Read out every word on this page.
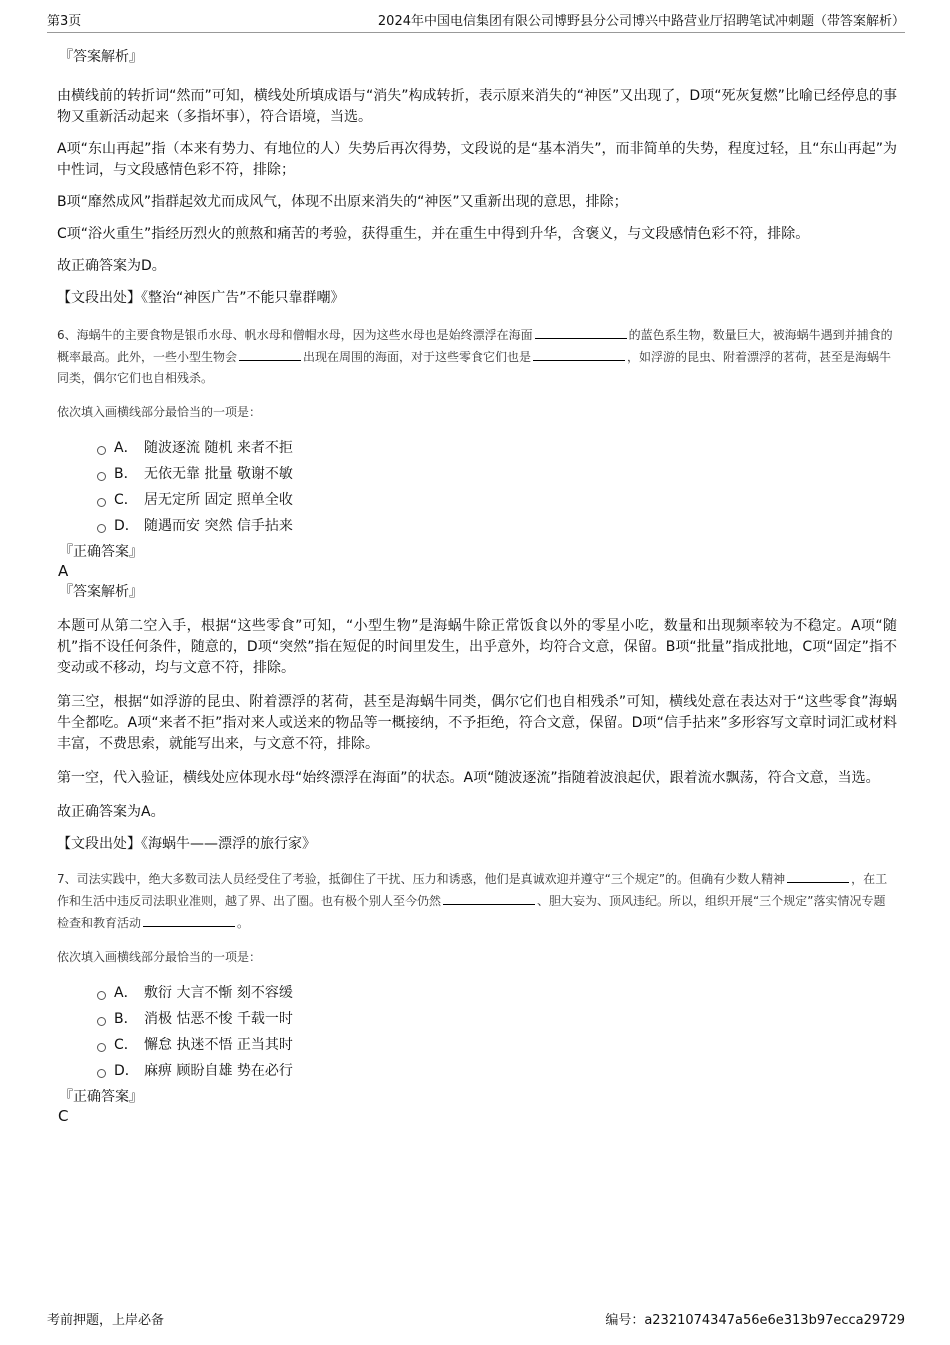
第3页	2024年中国电信集团有限公司博野县分公司博兴中路营业厅招聘笔试冲刺题（带答案解析）
『答案解析』

由横线前的转折词“然而”可知，横线处所填成语与“消失”构成转折，表示原来消失的“神医”又出现了，D项“死灰复燃”比喻已经停息的事物又重新活动起来（多指坏事），符合语境，当选。

A项“东山再起”指（本来有势力、有地位的人）失势后再次得势，文段说的是“基本消失”，而非简单的失势，程度过轻，且“东山再起”为中性词，与文段感情色彩不符，排除；

B项“靡然成风”指群起效尤而成风气，体现不出原来消失的“神医”又重新出现的意思，排除；

C项“浴火重生”指经历烈火的煎熬和痛苦的考验，获得重生，并在重生中得到升华，含褒义，与文段感情色彩不符，排除。

故正确答案为D。

【文段出处】《整治“神医广告”不能只靠群嘲》

6、海蜗牛的主要食物是银币水母、帆水母和僧帽水母，因为这些水母也是始终漂浮在海面	的蓝色系生物，数量巨大，被海蜗牛遇到并捕食的概率最高。此外，一些小型生物会	出现在周围的海面，对于这些零食它们也是	，如浮游的昆虫、附着漂浮的茗荷，甚至是海蜗牛同类，偶尔它们也自相残杀。

依次填入画横线部分最恰当的一项是：

A． 随波逐流 随机 来者不拒
B． 无依无靠 批量 敬谢不敏
C． 居无定所 固定 照单全收
D． 随遇而安 突然 信手拈来
『正确答案』
A
『答案解析』

本题可从第二空入手，根据“这些零食”可知，“小型生物”是海蜗牛除正常饭食以外的零星小吃，数量和出现频率较为不稳定。A项“随机”指不设任何条件，随意的，D项“突然”指在短促的时间里发生，出乎意外，均符合文意，保留。B项“批量”指成批地，C项“固定”指不变动或不移动，均与文意不符，排除。

第三空，根据“如浮游的昆虫、附着漂浮的茗荷，甚至是海蜗牛同类，偶尔它们也自相残杀”可知，横线处意在表达对于“这些零食”海蜗牛全都吃。A项“来者不拒”指对来人或送来的物品等一概接纳，不予拒绝，符合文意，保留。D项“信手拈来”多形容写文章时词汇或材料丰富，不费思索，就能写出来，与文意不符，排除。

第一空，代入验证，横线处应体现水母“始终漂浮在海面”的状态。A项“随波逐流”指随着波浪起伏，跟着流水飘荡，符合文意，当选。

故正确答案为A。

【文段出处】《海蜗牛——漂浮的旅行家》

7、司法实践中，绝大多数司法人员经受住了考验，抵御住了干扰、压力和诱惑，他们是真诚欢迎并遵守“三个规定”的。但确有少数人精神	，在工作和生活中违反司法职业准则，越了界、出了圈。也有极个别人至今仍然	、胆大妄为、顶风违纪。所以，组织开展“三个规定”落实情况专题检查和教育活动	。

依次填入画横线部分最恰当的一项是：

A． 敷衍 大言不惭 刻不容缓
B． 消极 怙恶不悛 千载一时
C． 懈怠 执迷不悟 正当其时
D． 麻痹 顾盼自雄 势在必行
『正确答案』
C
考前押题，上岸必备	编号：a2321074347a56e6e313b97ecca29729
